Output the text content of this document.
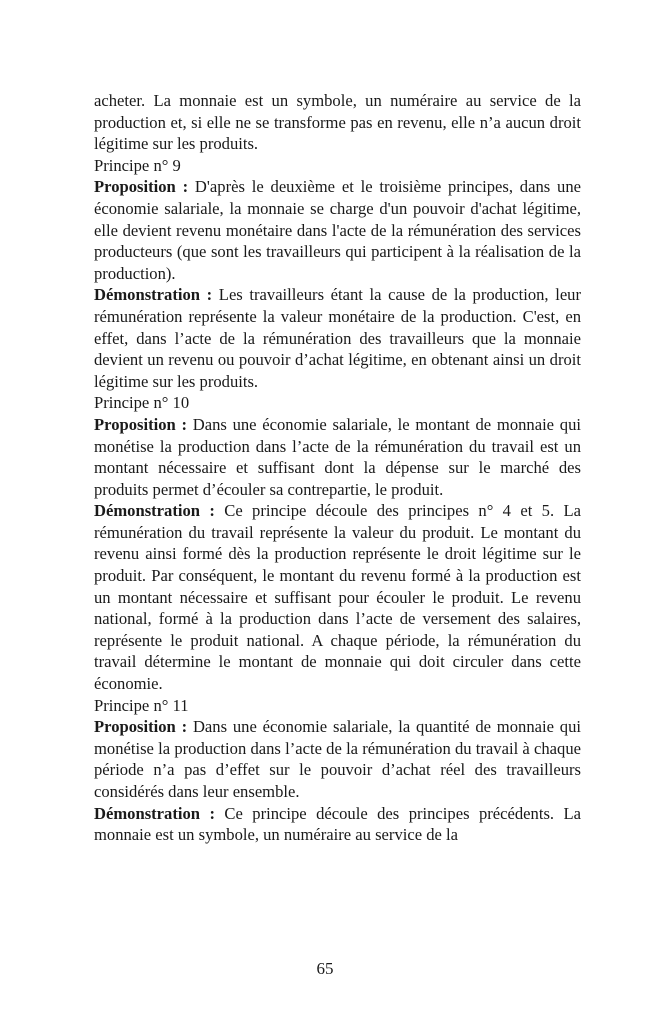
acheter. La monnaie est un symbole, un numéraire au service de la production et, si elle ne se transforme pas en revenu, elle n’a aucun droit légitime sur les produits.

Principe n° 9

Proposition : D'après le deuxième et le troisième principes, dans une économie salariale, la monnaie se charge d'un pouvoir d'achat légitime, elle devient revenu monétaire dans l'acte de la rémunération des services producteurs (que sont les travailleurs qui participent à la réalisation de la production).

Démonstration : Les travailleurs étant la cause de la production, leur rémunération représente la valeur monétaire de la production. C'est, en effet, dans l’acte de la rémunération des travailleurs que la monnaie devient un revenu ou pouvoir d’achat légitime, en obtenant ainsi un droit légitime sur les produits.

Principe n° 10

Proposition : Dans une économie salariale, le montant de monnaie qui monétise la production dans l’acte de la rémunération du travail est un montant nécessaire et suffisant dont la dépense sur le marché des produits permet d’écouler sa contrepartie, le produit.

Démonstration : Ce principe découle des principes n° 4 et 5. La rémunération du travail représente la valeur du produit. Le montant du revenu ainsi formé dès la production représente le droit légitime sur le produit. Par conséquent, le montant du revenu formé à la production est un montant nécessaire et suffisant pour écouler le produit. Le revenu national, formé à la production dans l’acte de versement des salaires, représente le produit national. A chaque période, la rémunération du travail détermine le montant de monnaie qui doit circuler dans cette économie.

Principe n° 11

Proposition : Dans une économie salariale, la quantité de monnaie qui monétise la production dans l’acte de la rémunération du travail à chaque période n’a pas d’effet sur le pouvoir d’achat réel des travailleurs considérés dans leur ensemble.

Démonstration : Ce principe découle des principes précédents. La monnaie est un symbole, un numéraire au service de la

65
